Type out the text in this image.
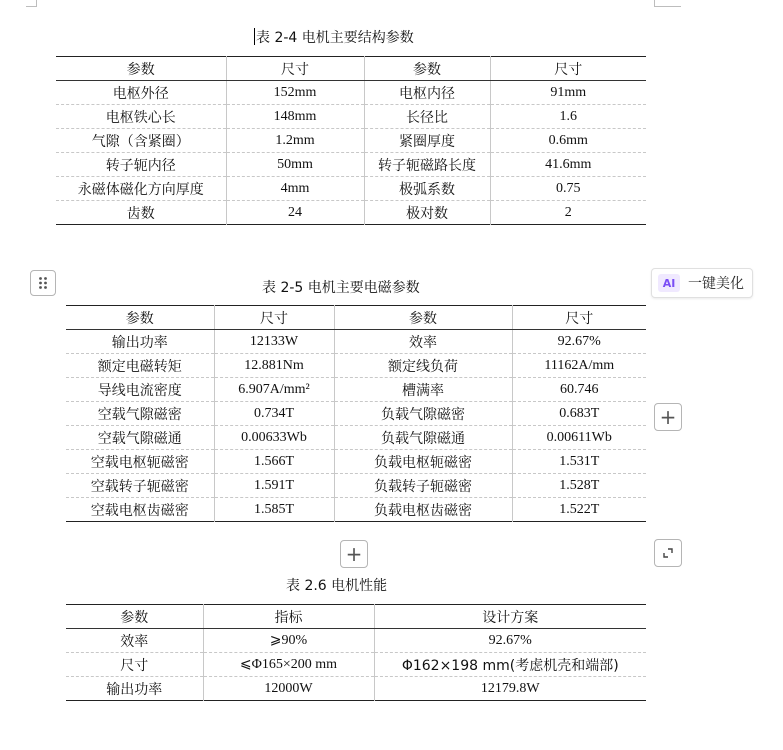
表 2-4 电机主要结构参数
参数	尺寸	参数	尺寸
电枢外径	152mm	电枢内径	91mm
电枢铁心长	148mm	长径比	1.6
气隙（含紧圈）	1.2mm	紧圈厚度	0.6mm
转子轭内径	50mm	转子轭磁路长度	41.6mm
永磁体磁化方向厚度	4mm	极弧系数	0.75
齿数	24	极对数	2
AI 一键美化
表 2-5 电机主要电磁参数
参数	尺寸	参数	尺寸
输出功率	12133W	效率	92.67%
额定电磁转矩	12.881Nm	额定线负荷	11162A/mm
导线电流密度	6.907A/mm²	槽满率	60.746
空载气隙磁密	0.734T	负载气隙磁密	0.683T
空载气隙磁通	0.00633Wb	负载气隙磁通	0.00611Wb
空载电枢轭磁密	1.566T	负载电枢轭磁密	1.531T
空载转子轭磁密	1.591T	负载转子轭磁密	1.528T
空载电枢齿磁密	1.585T	负载电枢齿磁密	1.522T
+
+
表 2.6 电机性能
参数	指标	设计方案
效率	⩾90%	92.67%
尺寸	⩽Φ165×200 mm	Φ162×198 mm(考虑机壳和端部)
输出功率	12000W	12179.8W
